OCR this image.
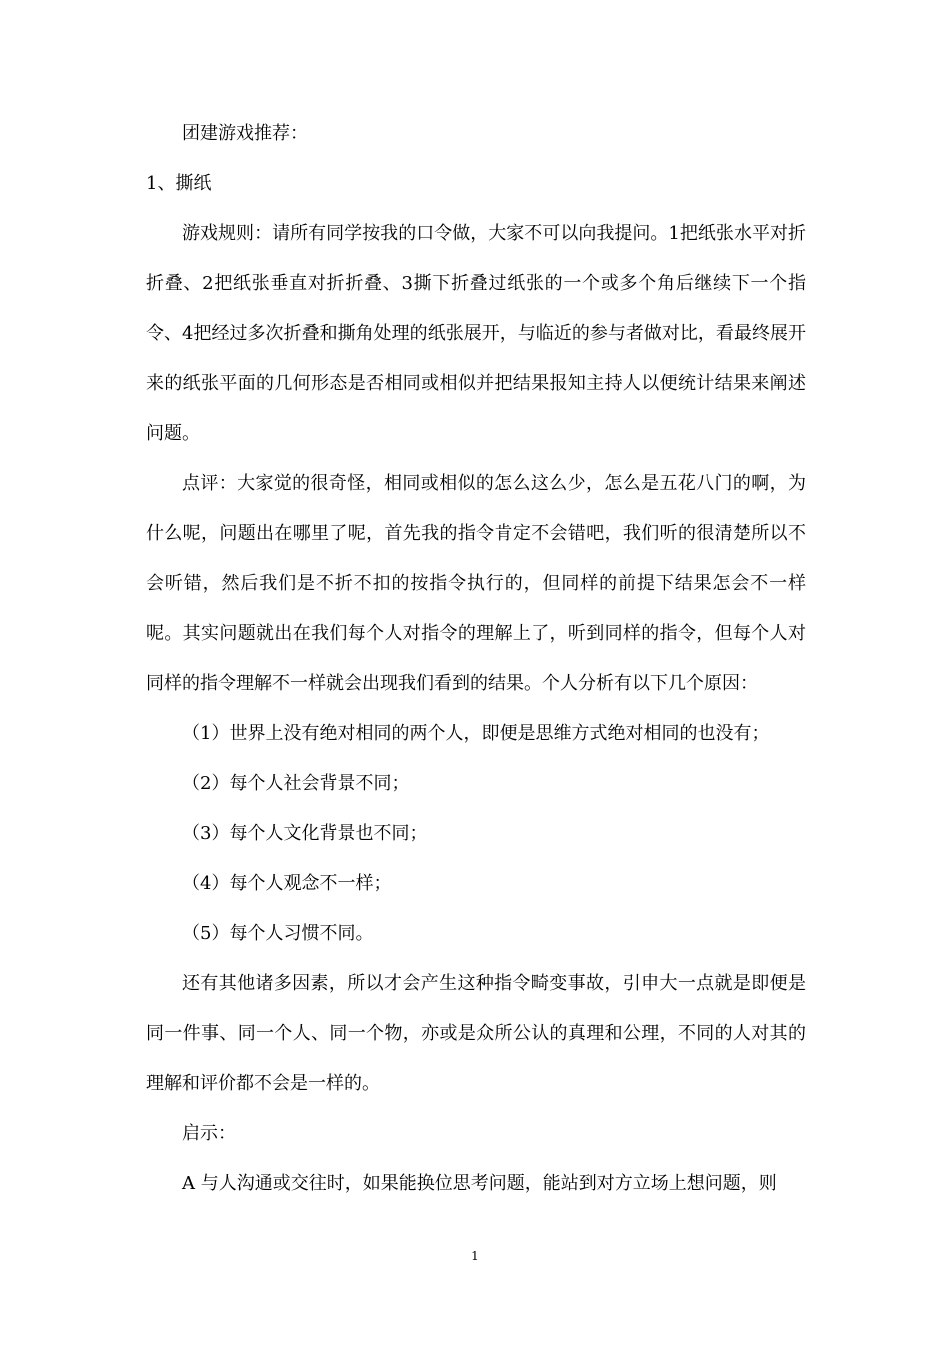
团建游戏推荐：

1、撕纸

游戏规则：请所有同学按我的口令做，大家不可以向我提问。1把纸张水平对折折叠、2把纸张垂直对折折叠、3撕下折叠过纸张的一个或多个角后继续下一个指令、4把经过多次折叠和撕角处理的纸张展开，与临近的参与者做对比，看最终展开来的纸张平面的几何形态是否相同或相似并把结果报知主持人以便统计结果来阐述问题。

点评：大家觉的很奇怪，相同或相似的怎么这么少，怎么是五花八门的啊，为什么呢，问题出在哪里了呢，首先我的指令肯定不会错吧，我们听的很清楚所以不会听错，然后我们是不折不扣的按指令执行的，但同样的前提下结果怎会不一样呢。其实问题就出在我们每个人对指令的理解上了，听到同样的指令，但每个人对同样的指令理解不一样就会出现我们看到的结果。个人分析有以下几个原因：

（1）世界上没有绝对相同的两个人，即便是思维方式绝对相同的也没有；

（2）每个人社会背景不同；

（3）每个人文化背景也不同；

（4）每个人观念不一样；

（5）每个人习惯不同。

还有其他诸多因素，所以才会产生这种指令畸变事故，引申大一点就是即便是同一件事、同一个人、同一个物，亦或是众所公认的真理和公理，不同的人对其的理解和评价都不会是一样的。

启示：

A 与人沟通或交往时，如果能换位思考问题，能站到对方立场上想问题，则

1
